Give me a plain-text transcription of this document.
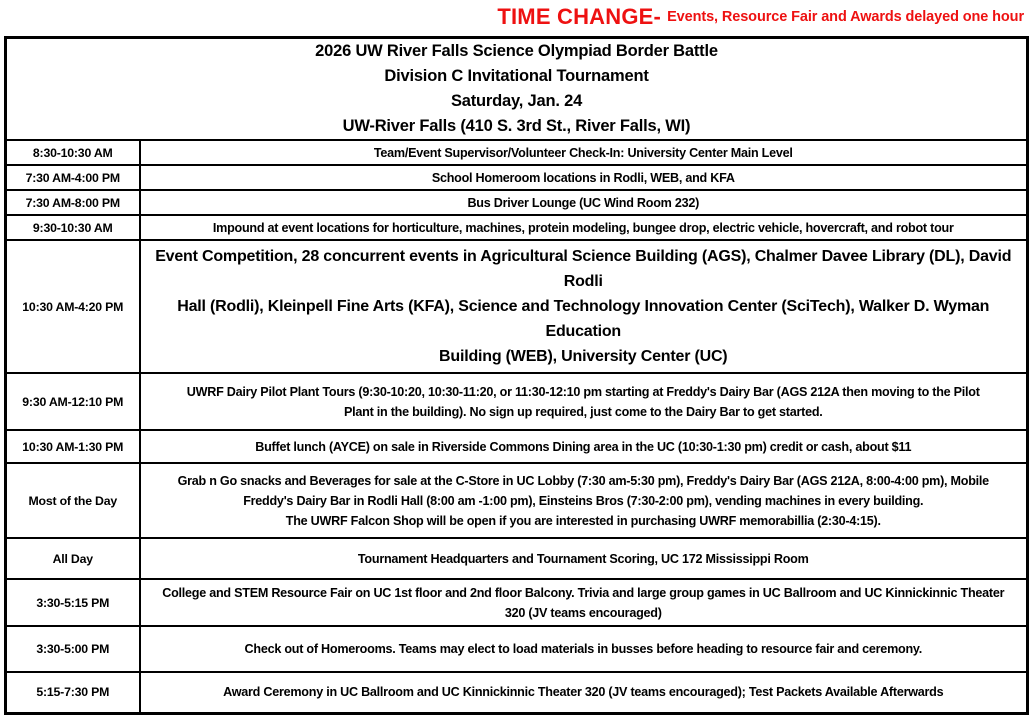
TIME CHANGE- Events, Resource Fair and Awards delayed one hour
2026 UW River Falls Science Olympiad Border Battle
Division C Invitational Tournament
Saturday, Jan. 24
UW-River Falls (410 S. 3rd St., River Falls, WI)	

8:30-10:30 AM	Team/Event Supervisor/Volunteer Check-In: University Center Main Level

7:30 AM-4:00 PM	School Homeroom locations in Rodli, WEB, and KFA

7:30 AM-8:00 PM	Bus Driver Lounge (UC Wind Room 232)

9:30-10:30 AM	Impound at event locations for horticulture, machines, protein modeling, bungee drop, electric vehicle, hovercraft, and robot tour

10:30 AM-4:20 PM	Event Competition, 28 concurrent events in Agricultural Science Building (AGS), Chalmer Davee Library (DL), David Rodli
Hall (Rodli), Kleinpell Fine Arts (KFA), Science and Technology Innovation Center (SciTech), Walker D. Wyman Education
Building (WEB), University Center (UC)

9:30 AM-12:10 PM	UWRF Dairy Pilot Plant Tours (9:30-10:20, 10:30-11:20, or 11:30-12:10 pm starting at Freddy's Dairy Bar (AGS 212A then moving to the Pilot
Plant in the building). No sign up required, just come to the Dairy Bar to get started.

10:30 AM-1:30 PM	Buffet lunch (AYCE) on sale in Riverside Commons Dining area in the UC (10:30-1:30 pm) credit or cash, about $11

Most of the Day	Grab n Go snacks and Beverages for sale at the C-Store in UC Lobby (7:30 am-5:30 pm), Freddy's Dairy Bar (AGS 212A, 8:00-4:00 pm), Mobile
Freddy's Dairy Bar in Rodli Hall (8:00 am -1:00 pm), Einsteins Bros (7:30-2:00 pm), vending machines in every building.
The UWRF Falcon Shop will be open if you are interested in purchasing UWRF memorabillia (2:30-4:15).

All Day	Tournament Headquarters and Tournament Scoring, UC 172 Mississippi Room

3:30-5:15 PM	College and STEM Resource Fair on UC 1st floor and 2nd floor Balcony. Trivia and large group games in UC Ballroom and UC Kinnickinnic Theater
320 (JV teams encouraged)

3:30-5:00 PM	Check out of Homerooms. Teams may elect to load materials in busses before heading to resource fair and ceremony.

5:15-7:30 PM	Award Ceremony in UC Ballroom and UC Kinnickinnic Theater 320 (JV teams encouraged); Test Packets Available Afterwards
